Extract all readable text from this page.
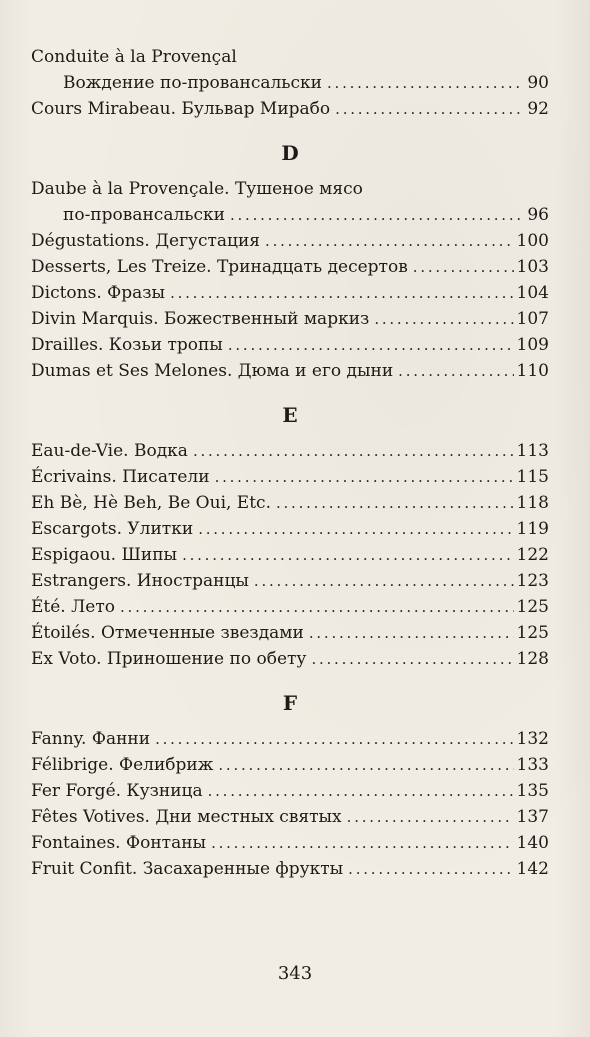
Conduite à la Provençal
Вождение по-провансальски . . .	90
Cours Mirabeau. Бульвар Мирабо . . .	92
D
Daube à la Provençale. Тушеное мясо
по-провансальски . . .	96
Dégustations. Дегустация . . .	100
Desserts, Les Treize. Тринадцать десертов . . .	103
Dictons. Фразы . . .	104
Divin Marquis. Божественный маркиз . . .	107
Drailles. Козьи тропы . . .	109
Dumas et Ses Melones. Дюма и его дыни . . .	110
E
Eau-de-Vie. Водка . . .	113
Écrivains. Писатели . . .	115
Eh Bè, Hè Beh, Be Oui, Etc. . . .	118
Escargots. Улитки . . .	119
Espigaou. Шипы . . .	122
Estrangers. Иностранцы . . .	123
Été. Лето . . .	125
Étoilés. Отмеченные звездами . . .	125
Ex Voto. Приношение по обету . . .	128
F
Fanny. Фанни . . .	132
Félibrige. Фелибриж . . .	133
Fer Forgé. Кузница . . .	135
Fêtes Votives. Дни местных святых . . .	137
Fontaines. Фонтаны . . .	140
Fruit Confit. Засахаренные фрукты . . .	142
343
